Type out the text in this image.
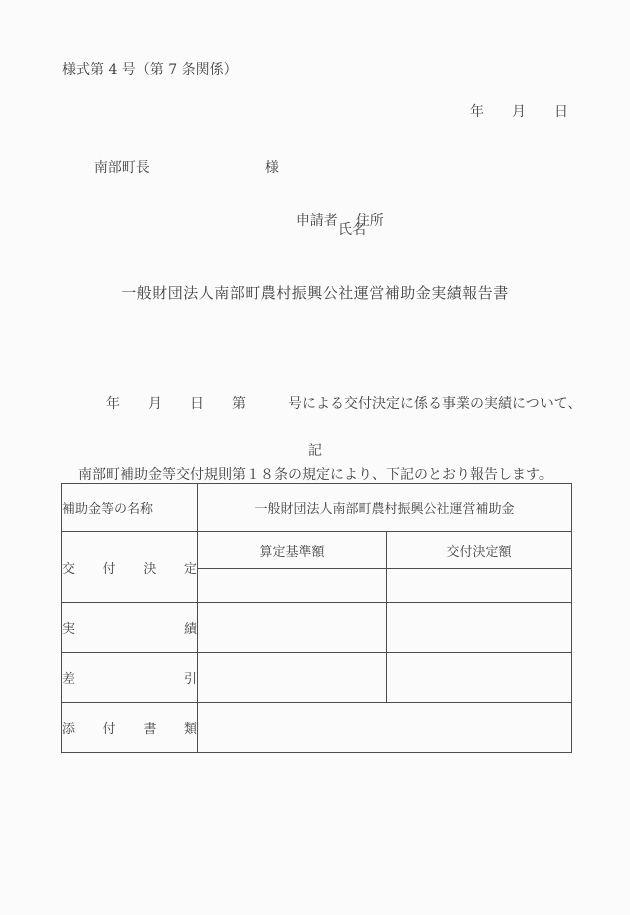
様式第 4 号（第 7 条関係）
年　　月　　日

南部町長	様

申請者 住所

氏名
一般財団法人南部町農村振興公社運営補助金実績報告書

　　年　　月　　日　　第　　　号による交付決定に係る事業の実績について、

南部町補助金等交付規則第１８条の規定により、下記のとおり報告します。

記
補助金等の名称	一般財団法人南部町農村振興公社運営補助金	
交　付　決　定	算定基準額	交付決定額

実　　　績		
差　　　引		
添　付　書　類		
